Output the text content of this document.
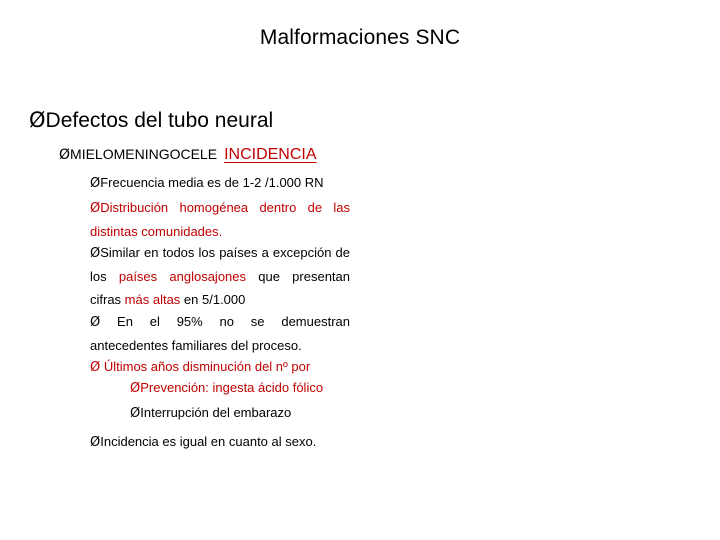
Malformaciones SNC
ØDefectos del tubo neural
ØMIELOMENINGOCELE INCIDENCIA
ØFrecuencia media es de 1-2 /1.000 RN
ØDistribución homogénea dentro de las distintas comunidades.
ØSimilar en todos los países a excepción de los países anglosajones que presentan cifras más altas en 5/1.000
Ø En el 95% no se demuestran antecedentes familiares del proceso.
Ø Últimos años disminución del nº por
ØPrevención: ingesta ácido fólico
ØInterrupción del embarazo
ØIncidencia es igual en cuanto al sexo.
